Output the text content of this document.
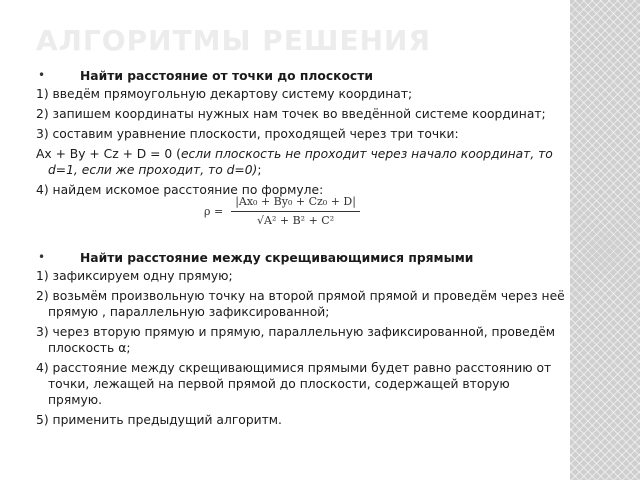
АЛГОРИТМЫ РЕШЕНИЯ
•	Найти расстояние от точки до плоскости
1) введём прямоугольную декартову систему координат;
2) запишем координаты нужных нам точек во введённой системе координат;
3) составим уравнение плоскости, проходящей через три точки:
Ax + By + Cz + D = 0 (если плоскость не проходит через начало координат, то d=1, если же проходит, то d=0);
4) найдем искомое расстояние по формуле:
$\rho = \frac{\text{|Ax₀ + By₀ + Cz₀ + D|}}{\text{√A² + B² + C²}}$
•	Найти расстояние между скрещивающимися прямыми
1) зафиксируем одну прямую;
2) возьмём произвольную точку на второй прямой прямой и проведём через неё прямую , параллельную зафиксированной;
3) через вторую прямую и прямую, параллельную зафиксированной, проведём плоскость α;
4) расстояние между скрещивающимися прямыми будет равно расстоянию от точки, лежащей на первой прямой до плоскости, содержащей вторую прямую.
5) применить предыдущий алгоритм.
